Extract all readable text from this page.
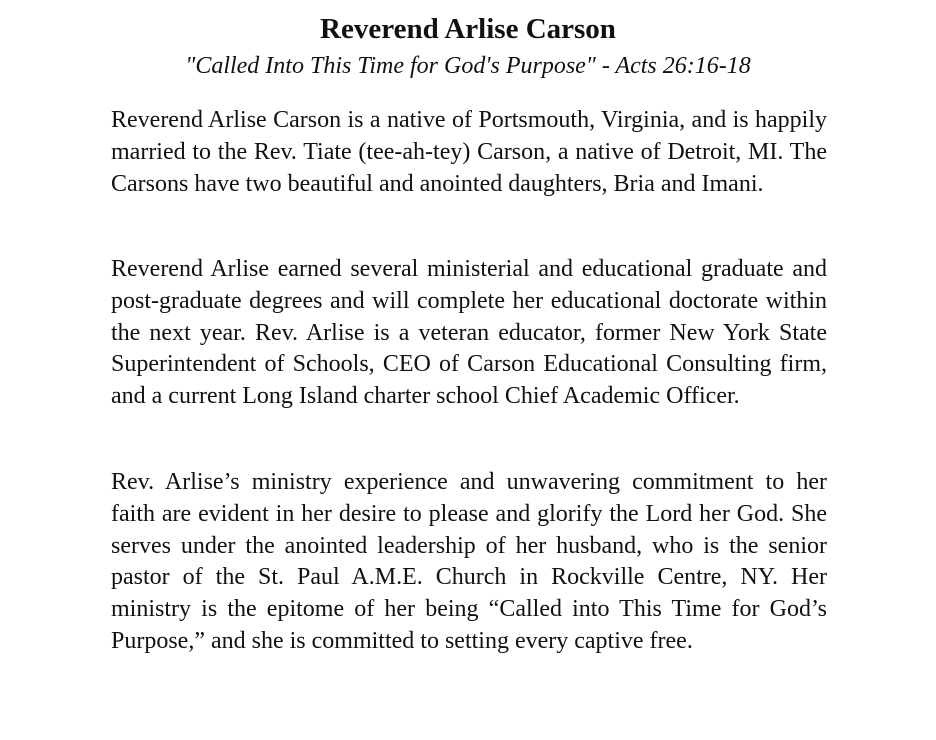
Reverend Arlise Carson

"Called Into This Time for God's Purpose" - Acts 26:16-18

Reverend Arlise Carson is a native of Portsmouth, Virginia, and is happily married to the Rev. Tiate (tee-ah-tey) Carson, a native of Detroit, MI. The Carsons have two beautiful and anointed daughters, Bria and Imani.

Reverend Arlise earned several ministerial and educational graduate and post-graduate degrees and will complete her educational doctorate within the next year. Rev. Arlise is a veteran educator, former New York State Superintendent of Schools, CEO of Carson Educational Consulting firm, and a current Long Island charter school Chief Academic Officer.

Rev. Arlise’s ministry experience and unwavering commitment to her faith are evident in her desire to please and glorify the Lord her God. She serves under the anointed leadership of her husband, who is the senior pastor of the St. Paul A.M.E. Church in Rockville Centre, NY. Her ministry is the epitome of her being “Called into This Time for God’s Purpose,” and she is committed to setting every captive free.
